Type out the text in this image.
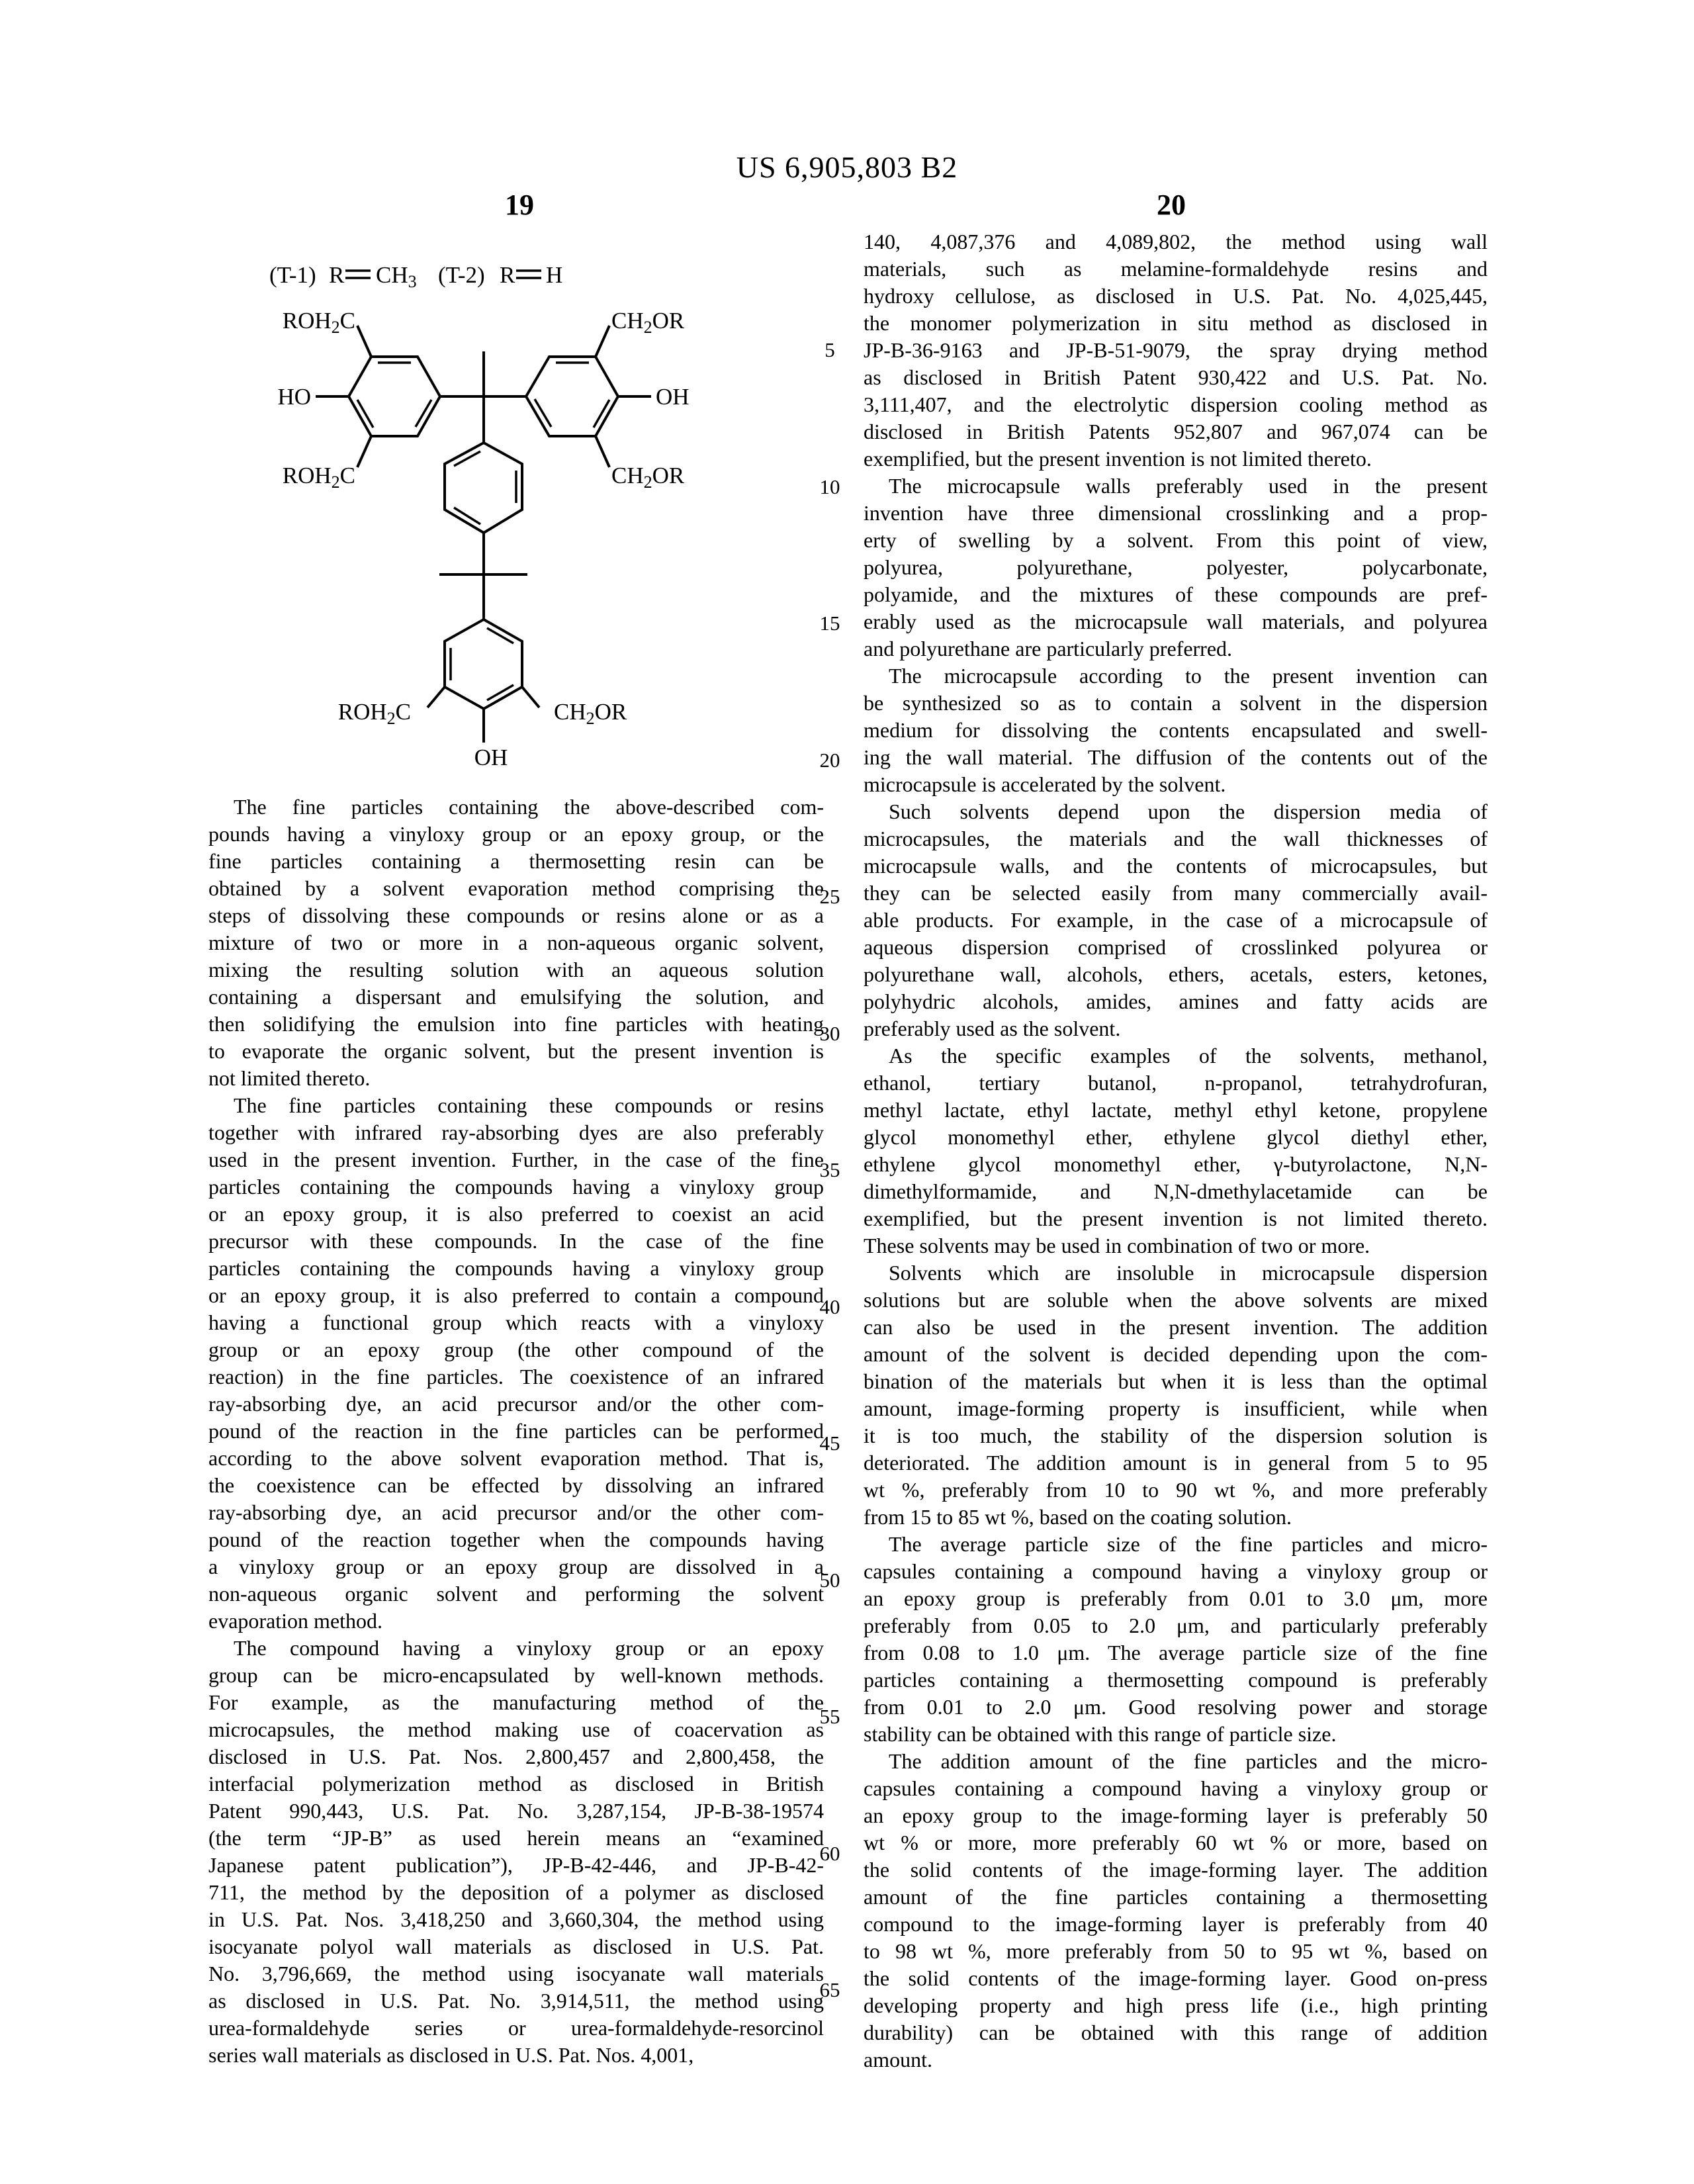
US 6,905,803 B2
19	20
5
10
15
20
25
30
35
40
45
50
55
60
65
(T-1) R $CH_3$ (T-2) R H
$ROH_2C$
HO
$ROH_2C$
$CH_2OR$
OH
$CH_2OR$
$ROH_2C$	$CH_2OR$
OH
The fine particles containing the above-described com-
pounds having a vinyloxy group or an epoxy group, or the
fine particles containing a thermosetting resin can be
obtained by a solvent evaporation method comprising the
steps of dissolving these compounds or resins alone or as a
mixture of two or more in a non-aqueous organic solvent,
mixing the resulting solution with an aqueous solution
containing a dispersant and emulsifying the solution, and
then solidifying the emulsion into fine particles with heating
to evaporate the organic solvent, but the present invention is
not limited thereto.
The fine particles containing these compounds or resins
together with infrared ray-absorbing dyes are also preferably
used in the present invention. Further, in the case of the fine
particles containing the compounds having a vinyloxy group
or an epoxy group, it is also preferred to coexist an acid
precursor with these compounds. In the case of the fine
particles containing the compounds having a vinyloxy group
or an epoxy group, it is also preferred to contain a compound
having a functional group which reacts with a vinyloxy
group or an epoxy group (the other compound of the
reaction) in the fine particles. The coexistence of an infrared
ray-absorbing dye, an acid precursor and/or the other com-
pound of the reaction in the fine particles can be performed
according to the above solvent evaporation method. That is,
the coexistence can be effected by dissolving an infrared
ray-absorbing dye, an acid precursor and/or the other com-
pound of the reaction together when the compounds having
a vinyloxy group or an epoxy group are dissolved in a
non-aqueous organic solvent and performing the solvent
evaporation method.
The compound having a vinyloxy group or an epoxy
group can be micro-encapsulated by well-known methods.
For example, as the manufacturing method of the
microcapsules, the method making use of coacervation as
disclosed in U.S. Pat. Nos. 2,800,457 and 2,800,458, the
interfacial polymerization method as disclosed in British
Patent 990,443, U.S. Pat. No. 3,287,154, JP-B-38-19574
(the term “JP-B” as used herein means an “examined
Japanese patent publication”), JP-B-42-446, and JP-B-42-
711, the method by the deposition of a polymer as disclosed
in U.S. Pat. Nos. 3,418,250 and 3,660,304, the method using
isocyanate polyol wall materials as disclosed in U.S. Pat.
No. 3,796,669, the method using isocyanate wall materials
as disclosed in U.S. Pat. No. 3,914,511, the method using
urea-formaldehyde series or urea-formaldehyde-resorcinol
series wall materials as disclosed in U.S. Pat. Nos. 4,001,
140, 4,087,376 and 4,089,802, the method using wall
materials, such as melamine-formaldehyde resins and
hydroxy cellulose, as disclosed in U.S. Pat. No. 4,025,445,
the monomer polymerization in situ method as disclosed in
JP-B-36-9163 and JP-B-51-9079, the spray drying method
as disclosed in British Patent 930,422 and U.S. Pat. No.
3,111,407, and the electrolytic dispersion cooling method as
disclosed in British Patents 952,807 and 967,074 can be
exemplified, but the present invention is not limited thereto.
The microcapsule walls preferably used in the present
invention have three dimensional crosslinking and a prop-
erty of swelling by a solvent. From this point of view,
polyurea, polyurethane, polyester, polycarbonate,
polyamide, and the mixtures of these compounds are pref-
erably used as the microcapsule wall materials, and polyurea
and polyurethane are particularly preferred.
The microcapsule according to the present invention can
be synthesized so as to contain a solvent in the dispersion
medium for dissolving the contents encapsulated and swell-
ing the wall material. The diffusion of the contents out of the
microcapsule is accelerated by the solvent.
Such solvents depend upon the dispersion media of
microcapsules, the materials and the wall thicknesses of
microcapsule walls, and the contents of microcapsules, but
they can be selected easily from many commercially avail-
able products. For example, in the case of a microcapsule of
aqueous dispersion comprised of crosslinked polyurea or
polyurethane wall, alcohols, ethers, acetals, esters, ketones,
polyhydric alcohols, amides, amines and fatty acids are
preferably used as the solvent.
As the specific examples of the solvents, methanol,
ethanol, tertiary butanol, n-propanol, tetrahydrofuran,
methyl lactate, ethyl lactate, methyl ethyl ketone, propylene
glycol monomethyl ether, ethylene glycol diethyl ether,
ethylene glycol monomethyl ether, γ-butyrolactone, N,N-
dimethylformamide, and N,N-dmethylacetamide can be
exemplified, but the present invention is not limited thereto.
These solvents may be used in combination of two or more.
Solvents which are insoluble in microcapsule dispersion
solutions but are soluble when the above solvents are mixed
can also be used in the present invention. The addition
amount of the solvent is decided depending upon the com-
bination of the materials but when it is less than the optimal
amount, image-forming property is insufficient, while when
it is too much, the stability of the dispersion solution is
deteriorated. The addition amount is in general from 5 to 95
wt %, preferably from 10 to 90 wt %, and more preferably
from 15 to 85 wt %, based on the coating solution.
The average particle size of the fine particles and micro-
capsules containing a compound having a vinyloxy group or
an epoxy group is preferably from 0.01 to 3.0 μm, more
preferably from 0.05 to 2.0 μm, and particularly preferably
from 0.08 to 1.0 μm. The average particle size of the fine
particles containing a thermosetting compound is preferably
from 0.01 to 2.0 μm. Good resolving power and storage
stability can be obtained with this range of particle size.
The addition amount of the fine particles and the micro-
capsules containing a compound having a vinyloxy group or
an epoxy group to the image-forming layer is preferably 50
wt % or more, more preferably 60 wt % or more, based on
the solid contents of the image-forming layer. The addition
amount of the fine particles containing a thermosetting
compound to the image-forming layer is preferably from 40
to 98 wt %, more preferably from 50 to 95 wt %, based on
the solid contents of the image-forming layer. Good on-press
developing property and high press life (i.e., high printing
durability) can be obtained with this range of addition
amount.
